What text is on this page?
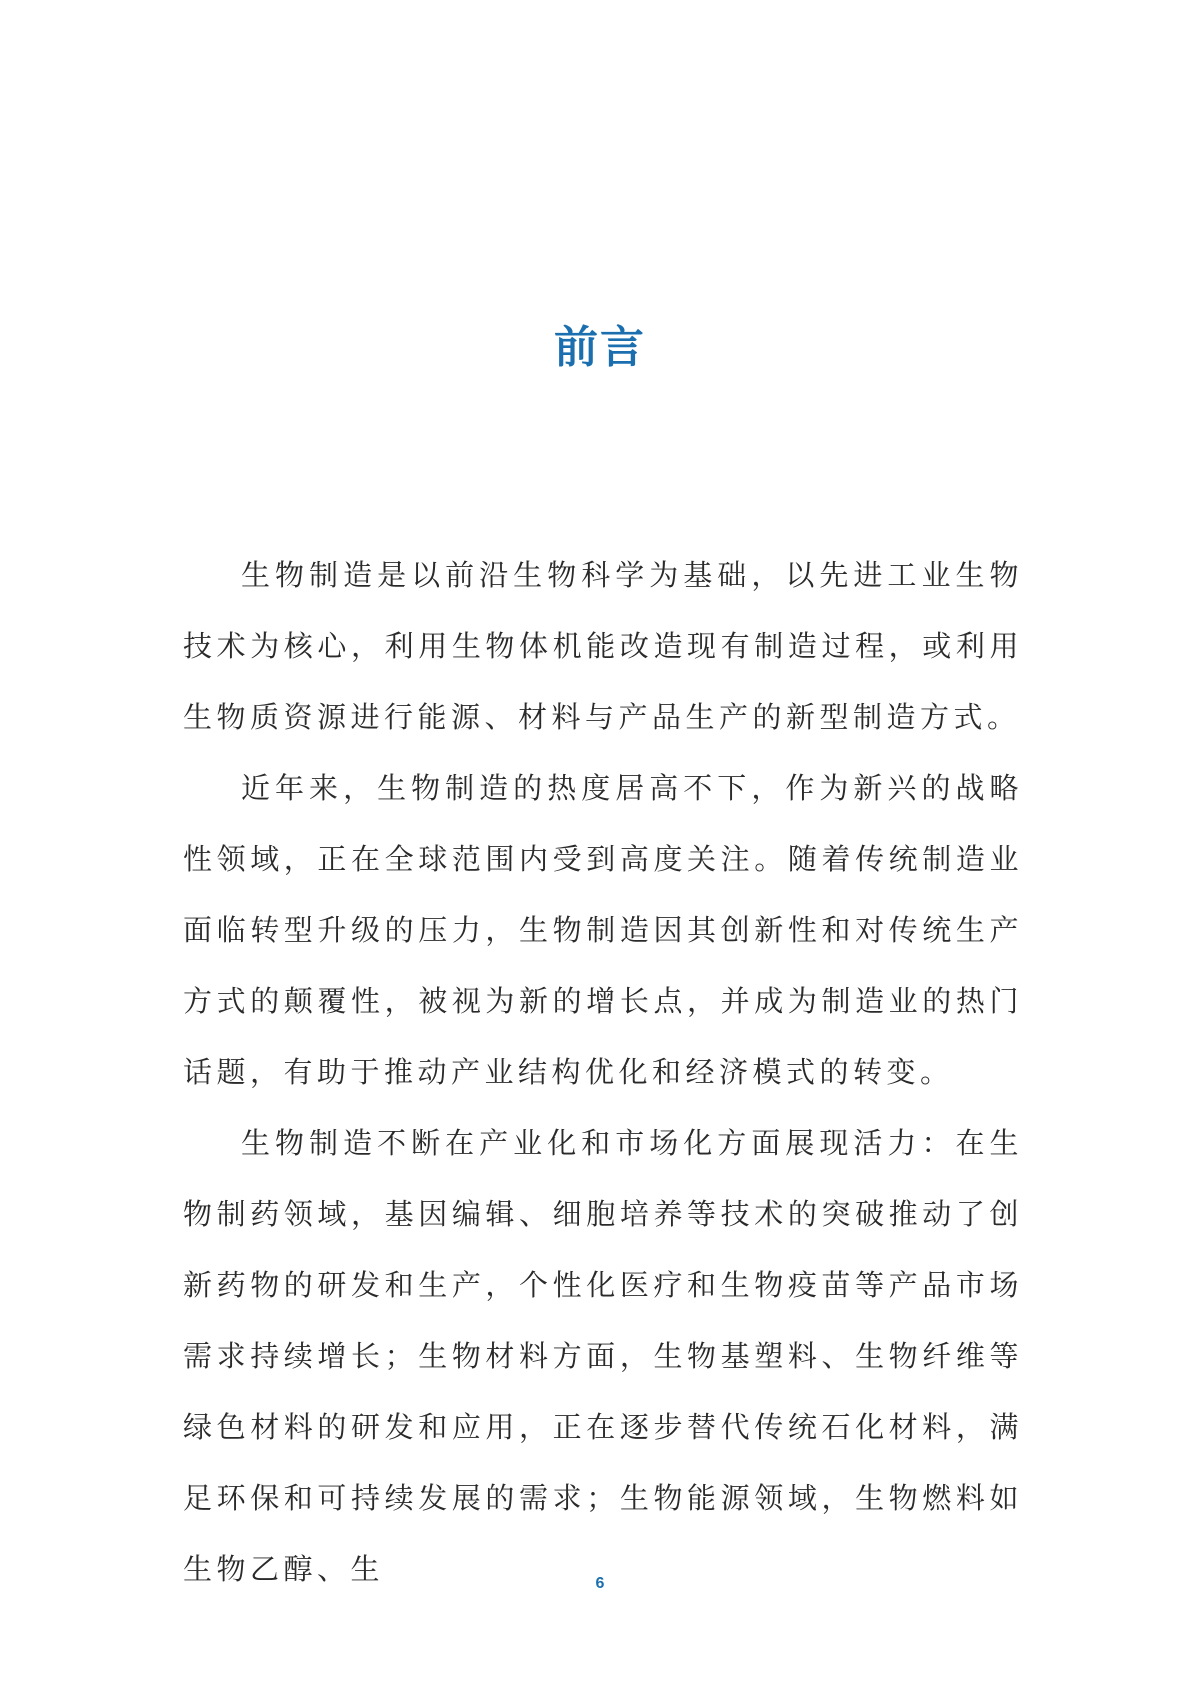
前言

生物制造是以前沿生物科学为基础，以先进工业生物技术为核心，利用生物体机能改造现有制造过程，或利用生物质资源进行能源、材料与产品生产的新型制造方式。

近年来，生物制造的热度居高不下，作为新兴的战略性领域，正在全球范围内受到高度关注。随着传统制造业面临转型升级的压力，生物制造因其创新性和对传统生产方式的颠覆性，被视为新的增长点，并成为制造业的热门话题，有助于推动产业结构优化和经济模式的转变。

生物制造不断在产业化和市场化方面展现活力：在生物制药领域，基因编辑、细胞培养等技术的突破推动了创新药物的研发和生产，个性化医疗和生物疫苗等产品市场需求持续增长；生物材料方面，生物基塑料、生物纤维等绿色材料的研发和应用，正在逐步替代传统石化材料，满足环保和可持续发展的需求；生物能源领域，生物燃料如生物乙醇、生	6
